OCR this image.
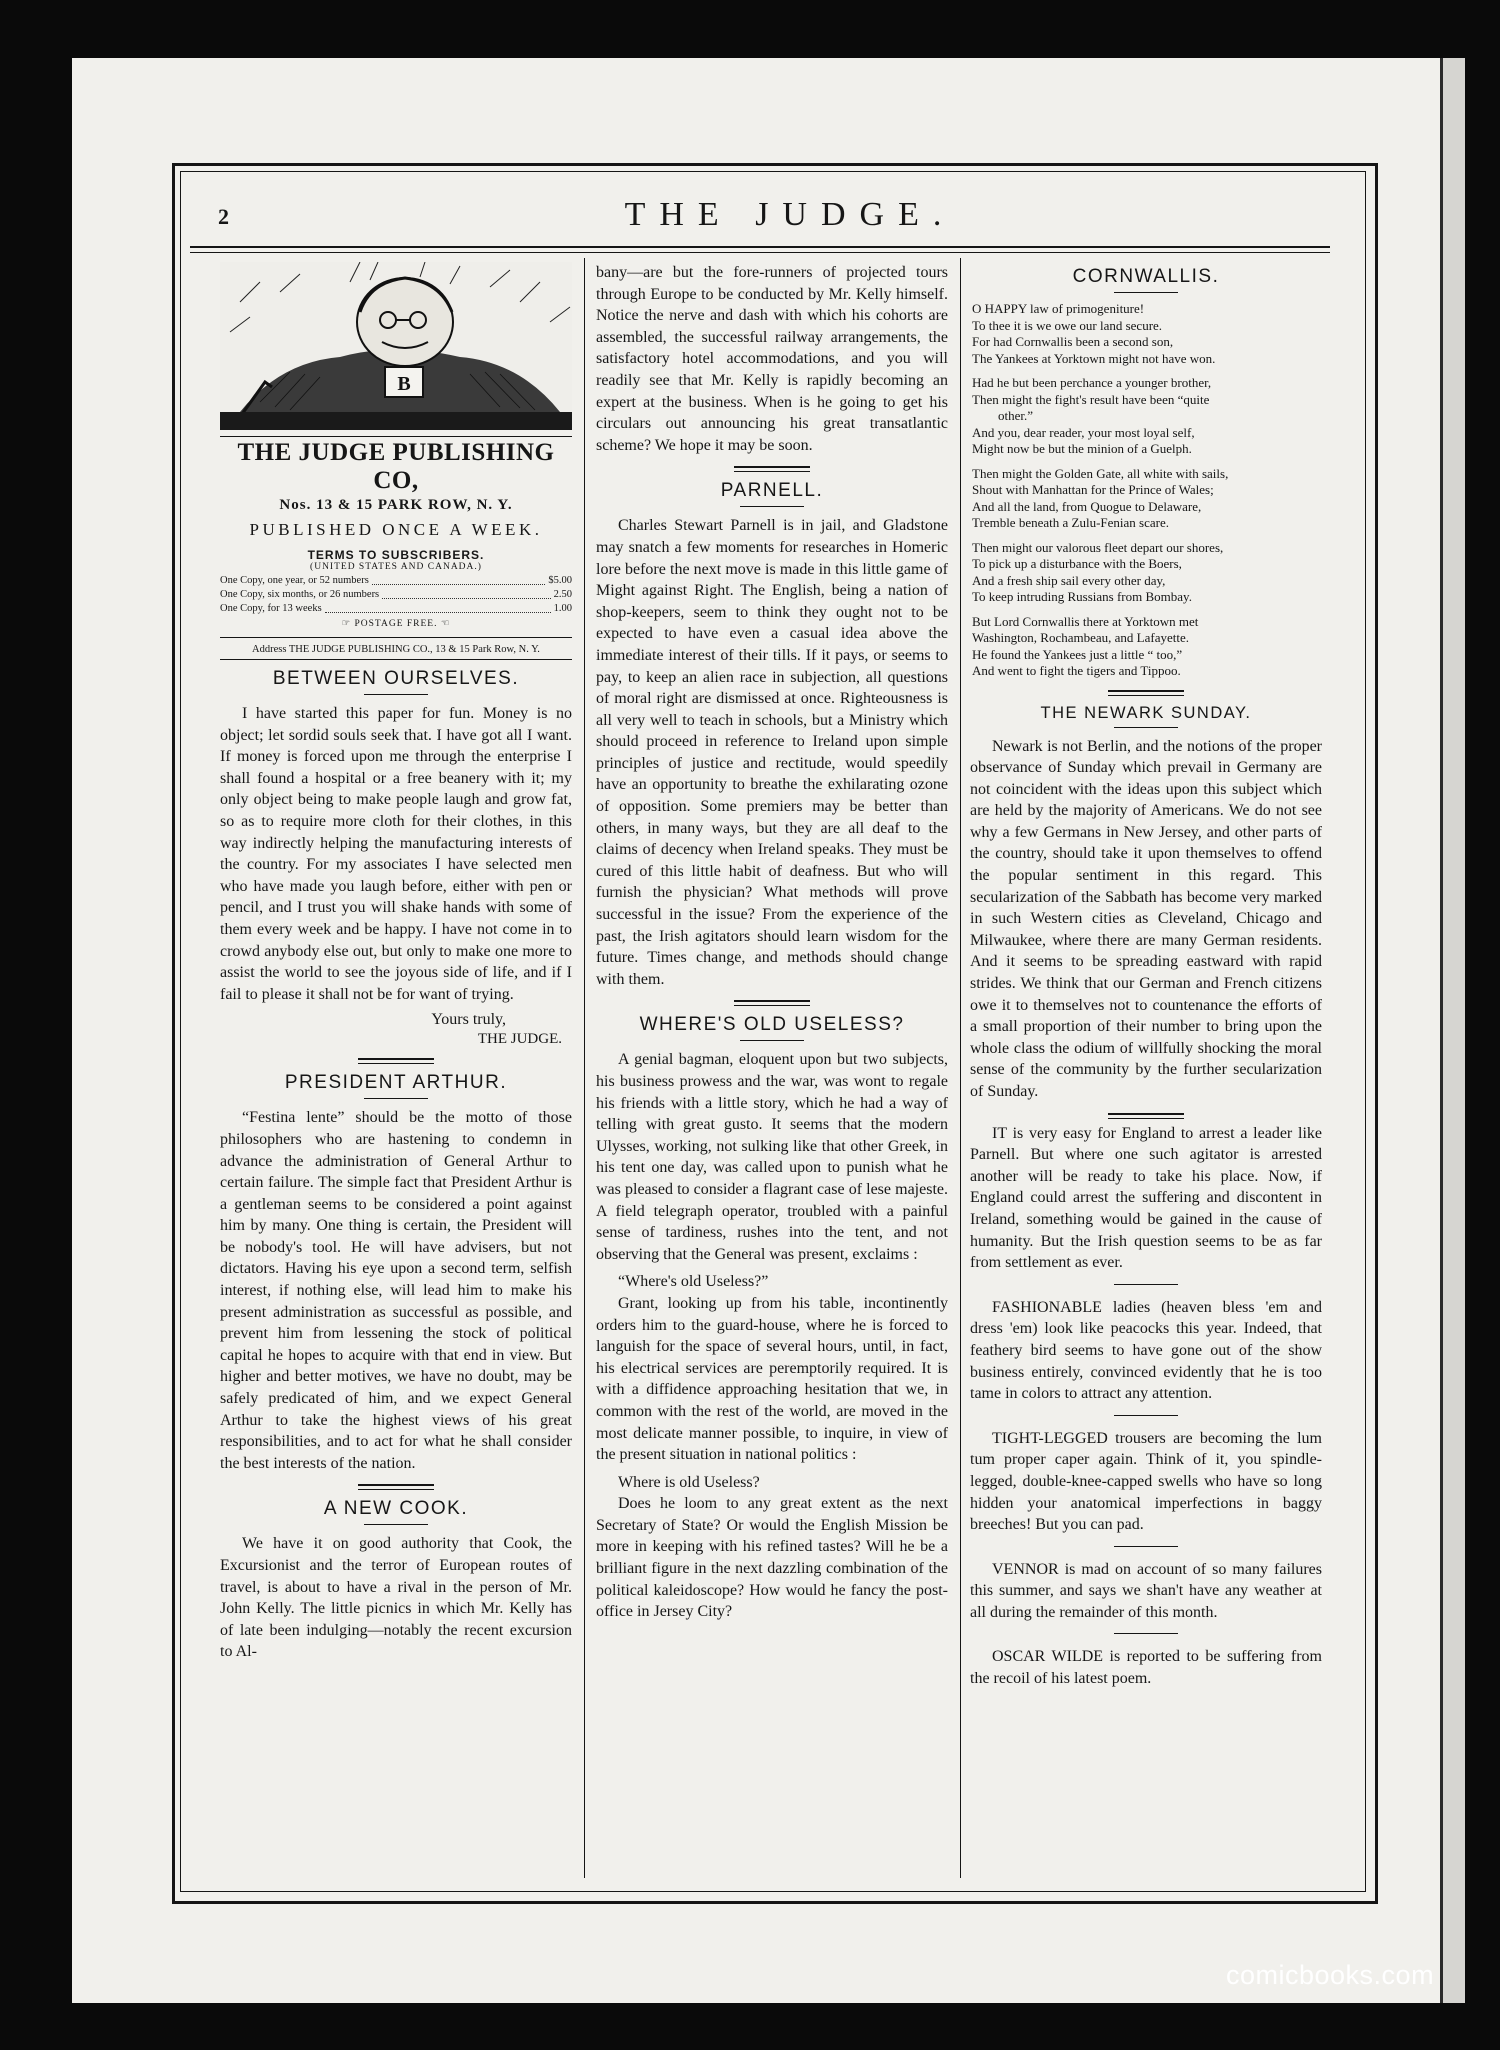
2	THE JUDGE.
B

THE JUDGE PUBLISHING CO,

Nos. 13 & 15 PARK ROW, N. Y.

PUBLISHED ONCE A WEEK.

TERMS TO SUBSCRIBERS.

(UNITED STATES AND CANADA.)

One Copy, one year, or 52 numbers	$5.00
One Copy, six months, or 26 numbers	2.50
One Copy, for 13 weeks	1.00

☞ POSTAGE FREE. ☜

Address THE JUDGE PUBLISHING CO., 13 & 15 Park Row, N. Y.

BETWEEN OURSELVES.

I have started this paper for fun. Money is no object; let sordid souls seek that. I have got all I want. If money is forced upon me through the enterprise I shall found a hospital or a free beanery with it; my only object being to make people laugh and grow fat, so as to require more cloth for their clothes, in this way indirectly helping the manufacturing interests of the country. For my associates I have selected men who have made you laugh before, either with pen or pencil, and I trust you will shake hands with some of them every week and be happy. I have not come in to crowd anybody else out, but only to make one more to assist the world to see the joyous side of life, and if I fail to please it shall not be for want of trying.

Yours truly,

THE JUDGE.

PRESIDENT ARTHUR.

“Festina lente” should be the motto of those philosophers who are hastening to condemn in advance the administration of General Arthur to certain failure. The simple fact that President Arthur is a gentleman seems to be considered a point against him by many. One thing is certain, the President will be nobody's tool. He will have advisers, but not dictators. Having his eye upon a second term, selfish interest, if nothing else, will lead him to make his present administration as successful as possible, and prevent him from lessening the stock of political capital he hopes to acquire with that end in view. But higher and better motives, we have no doubt, may be safely predicated of him, and we expect General Arthur to take the highest views of his great responsibilities, and to act for what he shall consider the best interests of the nation.

A NEW COOK.

We have it on good authority that Cook, the Excursionist and the terror of European routes of travel, is about to have a rival in the person of Mr. John Kelly. The little picnics in which Mr. Kelly has of late been indulging—notably the recent excursion to Al-

bany—are but the fore-runners of projected tours through Europe to be conducted by Mr. Kelly himself. Notice the nerve and dash with which his cohorts are assembled, the successful railway arrangements, the satisfactory hotel accommodations, and you will readily see that Mr. Kelly is rapidly becoming an expert at the business. When is he going to get his circulars out announcing his great transatlantic scheme? We hope it may be soon.

PARNELL.

Charles Stewart Parnell is in jail, and Gladstone may snatch a few moments for researches in Homeric lore before the next move is made in this little game of Might against Right. The English, being a nation of shop-keepers, seem to think they ought not to be expected to have even a casual idea above the immediate interest of their tills. If it pays, or seems to pay, to keep an alien race in subjection, all questions of moral right are dismissed at once. Righteousness is all very well to teach in schools, but a Ministry which should proceed in reference to Ireland upon simple principles of justice and rectitude, would speedily have an opportunity to breathe the exhilarating ozone of opposition. Some premiers may be better than others, in many ways, but they are all deaf to the claims of decency when Ireland speaks. They must be cured of this little habit of deafness. But who will furnish the physician? What methods will prove successful in the issue? From the experience of the past, the Irish agitators should learn wisdom for the future. Times change, and methods should change with them.

WHERE'S OLD USELESS?

A genial bagman, eloquent upon but two subjects, his business prowess and the war, was wont to regale his friends with a little story, which he had a way of telling with great gusto. It seems that the modern Ulysses, working, not sulking like that other Greek, in his tent one day, was called upon to punish what he was pleased to consider a flagrant case of lese majeste. A field telegraph operator, troubled with a painful sense of tardiness, rushes into the tent, and not observing that the General was present, exclaims :

“Where's old Useless?”

Grant, looking up from his table, incontinently orders him to the guard-house, where he is forced to languish for the space of several hours, until, in fact, his electrical services are peremptorily required. It is with a diffidence approaching hesitation that we, in common with the rest of the world, are moved in the most delicate manner possible, to inquire, in view of the present situation in national politics :

Where is old Useless?

Does he loom to any great extent as the next Secretary of State? Or would the English Mission be more in keeping with his refined tastes? Will he be a brilliant figure in the next dazzling combination of the political kaleidoscope? How would he fancy the post-office in Jersey City?

CORNWALLIS.
O HAPPY law of primogeniture!
To thee it is we owe our land secure.
For had Cornwallis been a second son,
The Yankees at Yorktown might not have won.
Had he but been perchance a younger brother,
Then might the fight's result have been “quite
other.”
And you, dear reader, your most loyal self,
Might now be but the minion of a Guelph.
Then might the Golden Gate, all white with sails,
Shout with Manhattan for the Prince of Wales;
And all the land, from Quogue to Delaware,
Tremble beneath a Zulu-Fenian scare.
Then might our valorous fleet depart our shores,
To pick up a disturbance with the Boers,
And a fresh ship sail every other day,
To keep intruding Russians from Bombay.
But Lord Cornwallis there at Yorktown met
Washington, Rochambeau, and Lafayette.
He found the Yankees just a little “ too,”
And went to fight the tigers and Tippoo.
THE NEWARK SUNDAY.

Newark is not Berlin, and the notions of the proper observance of Sunday which prevail in Germany are not coincident with the ideas upon this subject which are held by the majority of Americans. We do not see why a few Germans in New Jersey, and other parts of the country, should take it upon themselves to offend the popular sentiment in this regard. This secularization of the Sabbath has become very marked in such Western cities as Cleveland, Chicago and Milwaukee, where there are many German residents. And it seems to be spreading eastward with rapid strides. We think that our German and French citizens owe it to themselves not to countenance the efforts of a small proportion of their number to bring upon the whole class the odium of willfully shocking the moral sense of the community by the further secularization of Sunday.

IT is very easy for England to arrest a leader like Parnell. But where one such agitator is arrested another will be ready to take his place. Now, if England could arrest the suffering and discontent in Ireland, something would be gained in the cause of humanity. But the Irish question seems to be as far from settlement as ever.

FASHIONABLE ladies (heaven bless 'em and dress 'em) look like peacocks this year. Indeed, that feathery bird seems to have gone out of the show business entirely, convinced evidently that he is too tame in colors to attract any attention.

TIGHT-LEGGED trousers are becoming the lum tum proper caper again. Think of it, you spindle-legged, double-knee-capped swells who have so long hidden your anatomical imperfections in baggy breeches! But you can pad.

VENNOR is mad on account of so many failures this summer, and says we shan't have any weather at all during the remainder of this month.

OSCAR WILDE is reported to be suffering from the recoil of his latest poem.

comicbooks.com
